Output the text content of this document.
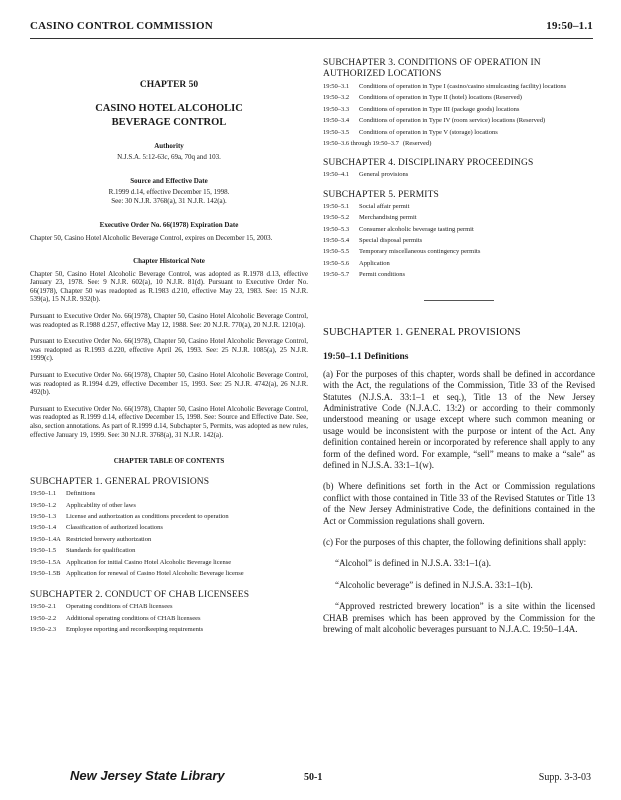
CASINO CONTROL COMMISSION	19:50–1.1
CHAPTER 50
CASINO HOTEL ALCOHOLIC
BEVERAGE CONTROL
Authority
N.J.S.A. 5:12-63c, 69a, 70q and 103.
Source and Effective Date
R.1999 d.14, effective December 15, 1998.
See: 30 N.J.R. 3768(a), 31 N.J.R. 142(a).
Executive Order No. 66(1978) Expiration Date
Chapter 50, Casino Hotel Alcoholic Beverage Control, expires on December 15, 2003.
Chapter Historical Note
Chapter 50, Casino Hotel Alcoholic Beverage Control, was adopted as R.1978 d.13, effective January 23, 1978. See: 9 N.J.R. 602(a), 10 N.J.R. 81(d). Pursuant to Executive Order No. 66(1978), Chapter 50 was readopted as R.1983 d.210, effective May 23, 1983. See: 15 N.J.R. 539(a), 15 N.J.R. 932(b).
Pursuant to Executive Order No. 66(1978), Chapter 50, Casino Hotel Alcoholic Beverage Control, was readopted as R.1988 d.257, effective May 12, 1988. See: 20 N.J.R. 770(a), 20 N.J.R. 1210(a).
Pursuant to Executive Order No. 66(1978), Chapter 50, Casino Hotel Alcoholic Beverage Control, was readopted as R.1993 d.220, effective April 26, 1993. See: 25 N.J.R. 1085(a), 25 N.J.R. 1999(c).
Pursuant to Executive Order No. 66(1978), Chapter 50, Casino Hotel Alcoholic Beverage Control, was readopted as R.1994 d.29, effective December 15, 1993. See: 25 N.J.R. 4742(a), 26 N.J.R. 492(b).
Pursuant to Executive Order No. 66(1978), Chapter 50, Casino Hotel Alcoholic Beverage Control, was readopted as R.1999 d.14, effective December 15, 1998. See: Source and Effective Date. See, also, section annotations. As part of R.1999 d.14, Subchapter 5, Permits, was adopted as new rules, effective January 19, 1999. See: 30 N.J.R. 3768(a), 31 N.J.R. 142(a).
CHAPTER TABLE OF CONTENTS
SUBCHAPTER 1. GENERAL PROVISIONS
19:50–1.1	Definitions
19:50–1.2	Applicability of other laws
19:50–1.3	License and authorization as conditions precedent to operation
19:50–1.4	Classification of authorized locations
19:50–1.4A Restricted brewery authorization
19:50–1.5	Standards for qualification
19:50–1.5A Application for initial Casino Hotel Alcoholic Beverage license
19:50–1.5B Application for renewal of Casino Hotel Alcoholic Beverage license
SUBCHAPTER 2. CONDUCT OF CHAB LICENSEES
19:50–2.1	Operating conditions of CHAB licensees
19:50–2.2	Additional operating conditions of CHAB licensees
19:50–2.3	Employee reporting and recordkeeping requirements
SUBCHAPTER 3. CONDITIONS OF OPERATION IN AUTHORIZED LOCATIONS
19:50–3.1	Conditions of operation in Type I (casino/casino simulcasting facility) locations
19:50–3.2	Conditions of operation in Type II (hotel) locations (Reserved)
19:50–3.3	Conditions of operation in Type III (package goods) locations
19:50–3.4	Conditions of operation in Type IV (room service) locations (Reserved)
19:50–3.5	Conditions of operation in Type V (storage) locations
19:50–3.6 through 19:50–3.7 (Reserved)
SUBCHAPTER 4. DISCIPLINARY PROCEEDINGS
19:50–4.1	General provisions
SUBCHAPTER 5. PERMITS
19:50–5.1	Social affair permit
19:50–5.2	Merchandising permit
19:50–5.3	Consumer alcoholic beverage tasting permit
19:50–5.4	Special disposal permits
19:50–5.5	Temporary miscellaneous contingency permits
19:50–5.6	Application
19:50–5.7	Permit conditions
SUBCHAPTER 1. GENERAL PROVISIONS
19:50–1.1 Definitions
(a) For the purposes of this chapter, words shall be defined in accordance with the Act, the regulations of the Commission, Title 33 of the Revised Statutes (N.J.S.A. 33:1–1 et seq.), Title 13 of the New Jersey Administrative Code (N.J.A.C. 13:2) or according to their commonly understood meaning or usage except where such common meaning or usage would be inconsistent with the purpose or intent of the Act. Any definition contained herein or incorporated by reference shall apply to any form of the defined word. For example, “sell” means to make a “sale” as defined in N.J.S.A. 33:1–1(w).
(b) Where definitions set forth in the Act or Commission regulations conflict with those contained in Title 33 of the Revised Statutes or Title 13 of the New Jersey Administrative Code, the definitions contained in the Act or Commission regulations shall govern.
(c) For the purposes of this chapter, the following definitions shall apply:
“Alcohol” is defined in N.J.S.A. 33:1–1(a).
“Alcoholic beverage” is defined in N.J.S.A. 33:1–1(b).
“Approved restricted brewery location” is a site within the licensed CHAB premises which has been approved by the Commission for the brewing of malt alcoholic beverages pursuant to N.J.A.C. 19:50–1.4A.
New Jersey State Library	50-1	Supp. 3-3-03
